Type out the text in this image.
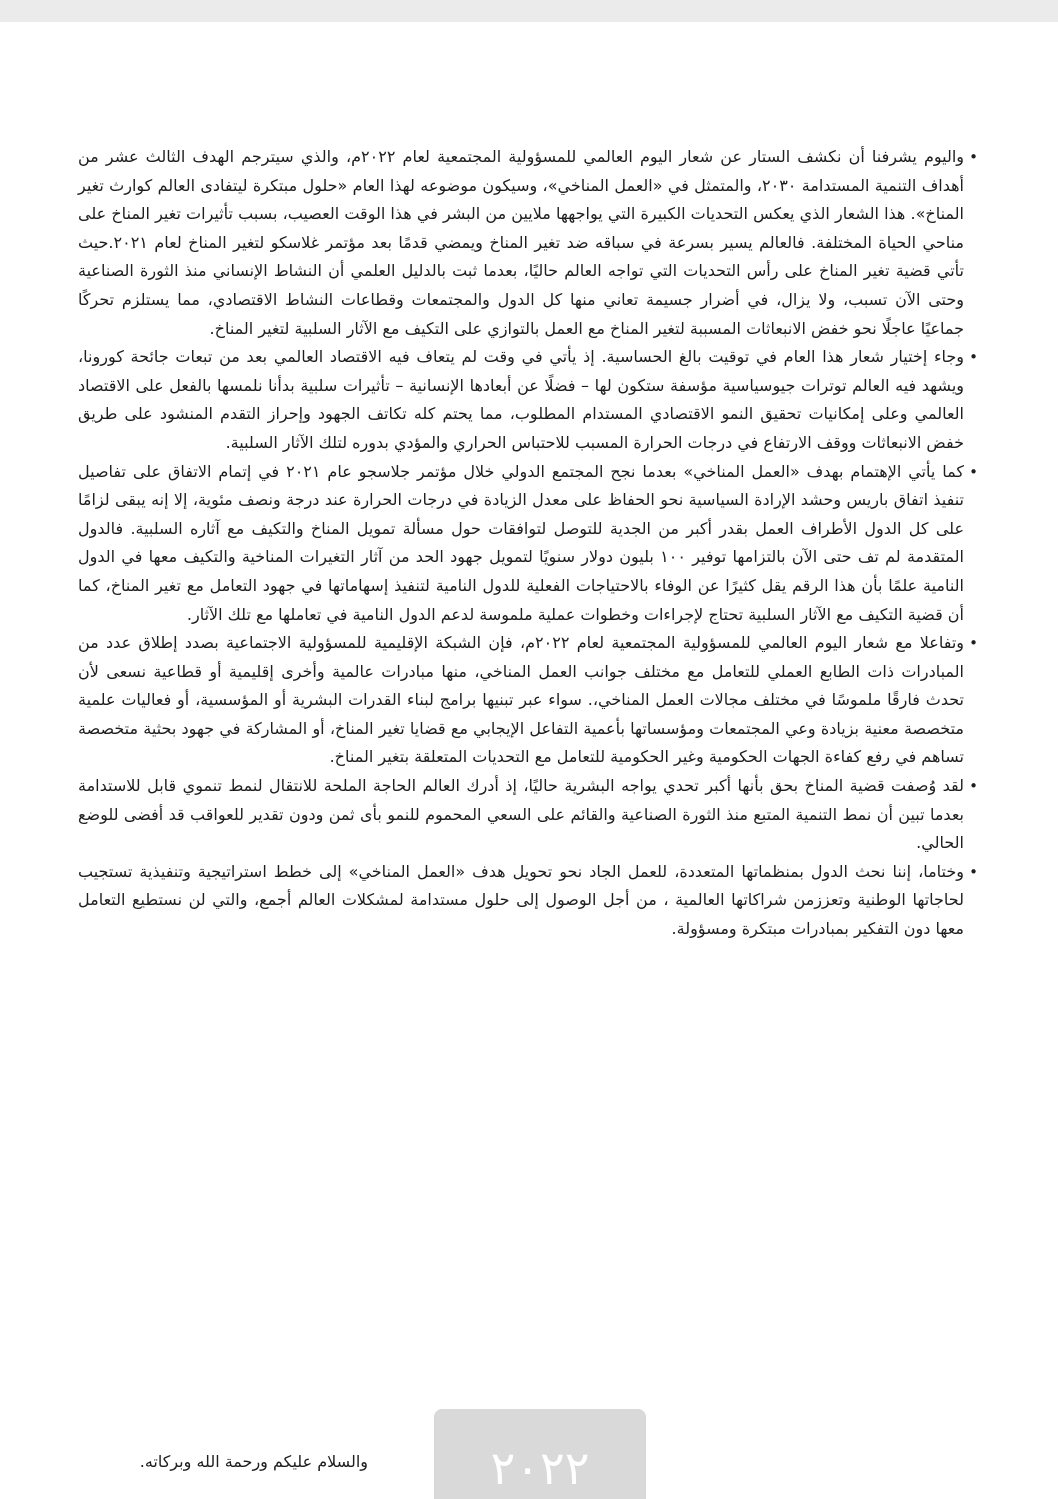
• واليوم يشرفنا أن نكشف الستار عن شعار اليوم العالمي للمسؤولية المجتمعية لعام ٢٠٢٢م، والذي سيترجم الهدف الثالث عشر من أهداف التنمية المستدامة ٢٠٣٠، والمتمثل في «العمل المناخي»، وسيكون موضوعه لهذا العام «حلول مبتكرة ليتفادى العالم كوارث تغير المناخ». هذا الشعار الذي يعكس التحديات الكبيرة التي يواجهها ملايين من البشر في هذا الوقت العصيب، بسبب تأثيرات تغير المناخ على مناحي الحياة المختلفة. فالعالم يسير بسرعة في سباقه ضد تغير المناخ ويمضي قدمًا بعد مؤتمر غلاسكو لتغير المناخ لعام ٢٠٢١.حيث تأتي قضية تغير المناخ على رأس التحديات التي تواجه العالم حاليًا، بعدما ثبت بالدليل العلمي أن النشاط الإنساني منذ الثورة الصناعية وحتى الآن تسبب، ولا يزال، في أضرار جسيمة تعاني منها كل الدول والمجتمعات وقطاعات النشاط الاقتصادي، مما يستلزم تحركًا جماعيًا عاجلًا نحو خفض الانبعاثات المسببة لتغير المناخ مع العمل بالتوازي على التكيف مع الآثار السلبية لتغير المناخ.
• وجاء إختيار شعار هذا العام في توقيت بالغ الحساسية. إذ يأتي في وقت لم يتعاف فيه الاقتصاد العالمي بعد من تبعات جائحة كورونا، ويشهد فيه العالم توترات جيوسياسية مؤسفة ستكون لها – فضلًا عن أبعادها الإنسانية – تأثيرات سلبية بدأنا نلمسها بالفعل على الاقتصاد العالمي وعلى إمكانيات تحقيق النمو الاقتصادي المستدام المطلوب، مما يحتم كله تكاتف الجهود وإحراز التقدم المنشود على طريق خفض الانبعاثات ووقف الارتفاع في درجات الحرارة المسبب للاحتباس الحراري والمؤدي بدوره لتلك الآثار السلبية.
• كما يأتي الإهتمام بهدف «العمل المناخي» بعدما نجح المجتمع الدولي خلال مؤتمر جلاسجو عام ٢٠٢١ في إتمام الاتفاق على تفاصيل تنفيذ اتفاق باريس وحشد الإرادة السياسية نحو الحفاظ على معدل الزيادة في درجات الحرارة عند درجة ونصف مئوية، إلا إنه يبقى لزامًا على كل الدول الأطراف العمل بقدر أكبر من الجدية للتوصل لتوافقات حول مسألة تمويل المناخ والتكيف مع آثاره السلبية. فالدول المتقدمة لم تف حتى الآن بالتزامها توفير ١٠٠ بليون دولار سنويًا لتمويل جهود الحد من آثار التغيرات المناخية والتكيف معها في الدول النامية علمًا بأن هذا الرقم يقل كثيرًا عن الوفاء بالاحتياجات الفعلية للدول النامية لتنفيذ إسهاماتها في جهود التعامل مع تغير المناخ، كما أن قضية التكيف مع الآثار السلبية تحتاج لإجراءات وخطوات عملية ملموسة لدعم الدول النامية في تعاملها مع تلك الآثار.
• وتفاعلا مع شعار اليوم العالمي للمسؤولية المجتمعية لعام ٢٠٢٢م، فإن الشبكة الإقليمية للمسؤولية الاجتماعية بصدد إطلاق عدد من المبادرات ذات الطابع العملي للتعامل مع مختلف جوانب العمل المناخي، منها مبادرات عالمية وأخرى إقليمية أو قطاعية نسعى لأن تحدث فارقًا ملموسًا في مختلف مجالات العمل المناخي،. سواء عبر تبنيها برامج لبناء القدرات البشرية أو المؤسسية، أو فعاليات علمية متخصصة معنية بزيادة وعي المجتمعات ومؤسساتها بأعمية التفاعل الإيجابي مع قضايا تغير المناخ، أو المشاركة في جهود بحثية متخصصة تساهم في رفع كفاءة الجهات الحكومية وغير الحكومية للتعامل مع التحديات المتعلقة بتغير المناخ.
• لقد وُصفت قضية المناخ بحق بأنها أكبر تحدي يواجه البشرية حاليًا، إذ أدرك العالم الحاجة الملحة للانتقال لنمط تنموي قابل للاستدامة بعدما تبين أن نمط التنمية المتبع منذ الثورة الصناعية والقائم على السعي المحموم للنمو بأى ثمن ودون تقدير للعواقب قد أفضى للوضع الحالي.
• وختاما، إننا نحث الدول بمنظماتها المتعددة، للعمل الجاد نحو تحويل هدف «العمل المناخي» إلى خطط استراتيجية وتنفيذية تستجيب لحاجاتها الوطنية وتعززمن شراكاتها العالمية ، من أجل الوصول إلى حلول مستدامة لمشكلات العالم أجمع، والتي لن نستطيع التعامل معها دون التفكير بمبادرات مبتكرة ومسؤولة.
٢٠٢٢
والسلام عليكم ورحمة الله وبركاته.
